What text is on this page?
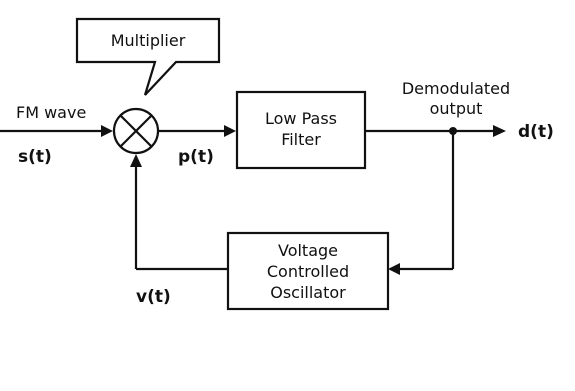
Multiplier
FM wave
s(t)	p(t)
Low Pass
Filter
Demodulated
output
d(t)
Voltage
Controlled
Oscillator
v(t)
